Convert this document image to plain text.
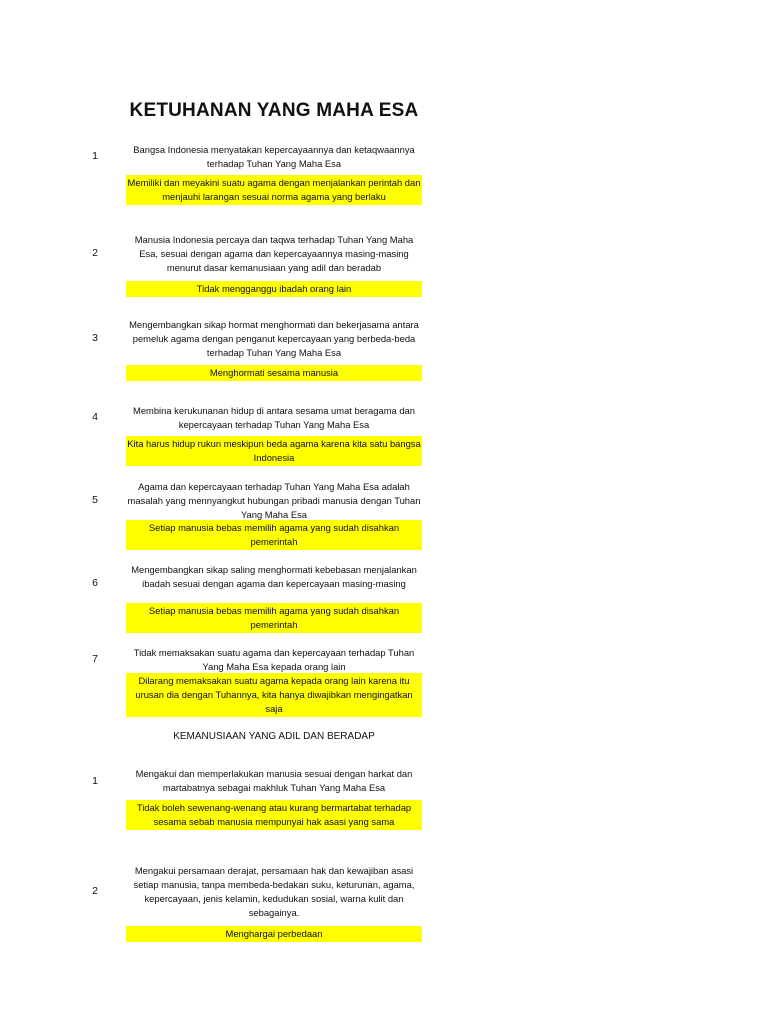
KETUHANAN YANG MAHA ESA
1
Bangsa Indonesia menyatakan kepercayaannya dan ketaqwaannya terhadap Tuhan Yang Maha Esa
Memiliki dan meyakini suatu agama dengan menjalankan perintah dan menjauhi larangan sesuai norma agama yang berlaku
2
Manusia Indonesia percaya dan taqwa terhadap Tuhan Yang Maha Esa, sesuai dengan agama dan kepercayaannya masing-masing menurut dasar kemanusiaan yang adil dan beradab
Tidak mengganggu ibadah orang lain
3
Mengembangkan sikap hormat menghormati dan bekerjasama antara pemeluk agama dengan penganut kepercayaan yang berbeda-beda terhadap Tuhan Yang Maha Esa
Menghormati sesama manusia
4
Membina kerukunanan hidup di antara sesama umat beragama dan kepercayaan terhadap Tuhan Yang Maha Esa
Kita harus hidup rukun meskipun beda agama karena kita satu bangsa Indonesia
5
Agama dan kepercayaan terhadap Tuhan Yang Maha Esa adalah masalah yang mennyangkut hubungan pribadi manusia dengan Tuhan Yang Maha Esa
Setiap manusia bebas memilih agama yang sudah disahkan pemerintah
6
Mengembangkan sikap saling menghormati kebebasan menjalankan ibadah sesuai dengan agama dan kepercayaan masing-masing
Setiap manusia bebas memilih agama yang sudah disahkan pemerintah
7
Tidak memaksakan suatu agama dan kepercayaan terhadap Tuhan Yang Maha Esa kepada orang lain
Dilarang memaksakan suatu agama kepada orang lain karena itu urusan dia dengan Tuhannya, kita hanya diwajibkan mengingatkan saja
KEMANUSIAAN YANG ADIL DAN BERADAP
1
Mengakui dan memperlakukan manusia sesuai dengan harkat dan martabatnya sebagai makhluk Tuhan Yang Maha Esa
Tidak boleh sewenang-wenang atau kurang bermartabat terhadap sesama sebab manusia mempunyai hak asasi yang sama
2
Mengakui persamaan derajat, persamaan hak dan kewajiban asasi setiap manusia, tanpa membeda-bedakan suku, keturunan, agama, kepercayaan, jenis kelamin, kedudukan sosial, warna kulit dan sebagainya.
Menghargai perbedaan
